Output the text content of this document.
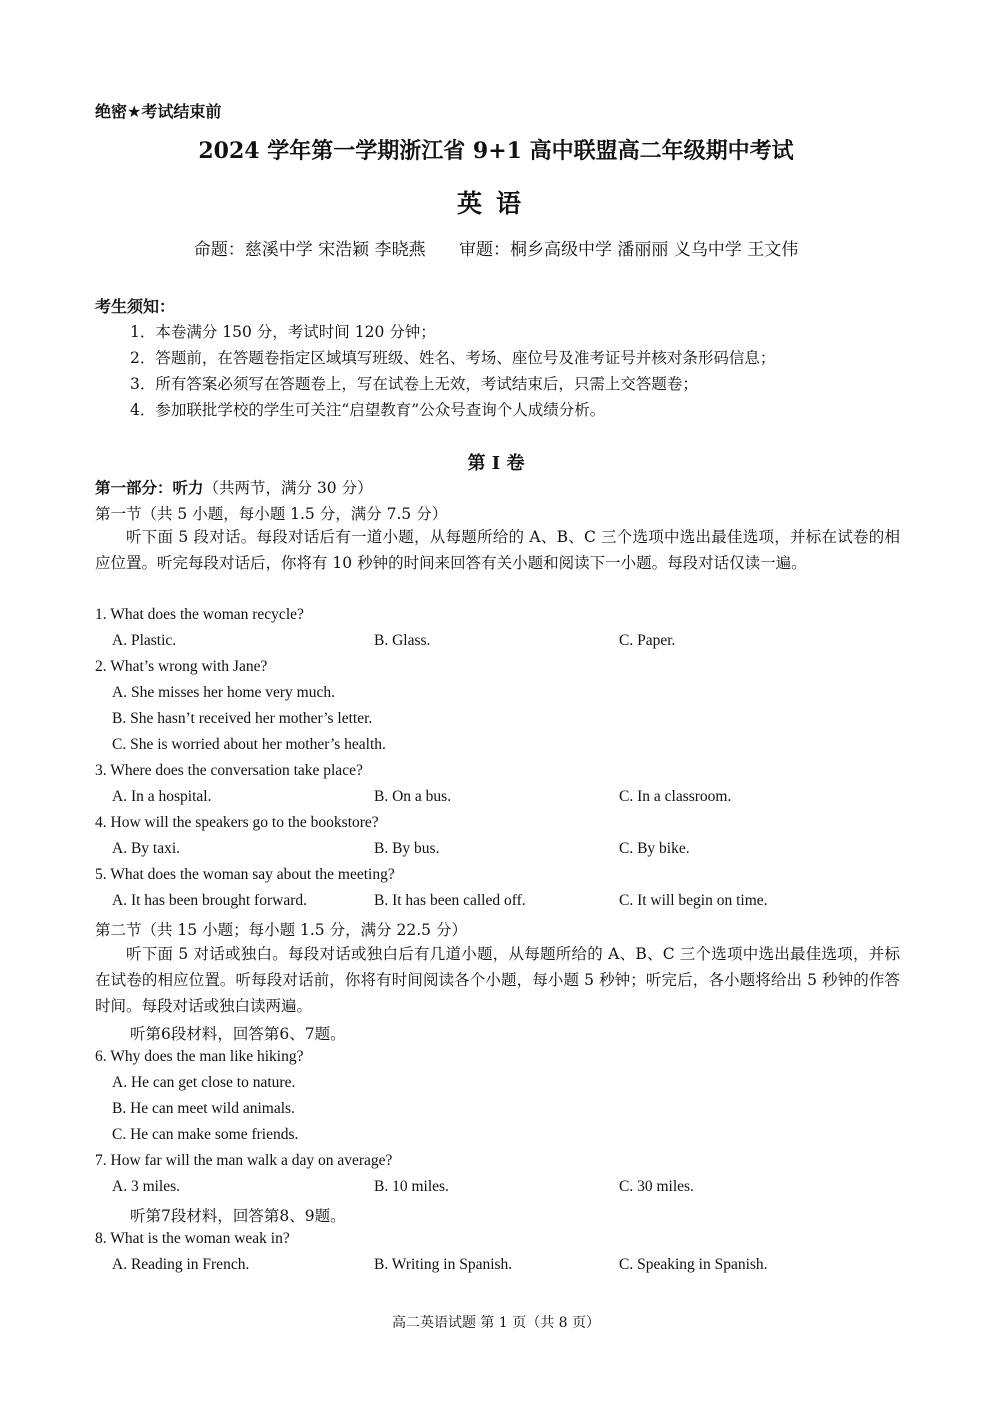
绝密★考试结束前
2024 学年第一学期浙江省 9+1 高中联盟高二年级期中考试
英语
命题：慈溪中学 宋浩颖 李晓燕 审题：桐乡高级中学 潘丽丽 义乌中学 王文伟
考生须知：
1．本卷满分 150 分，考试时间 120 分钟；
2．答题前，在答题卷指定区域填写班级、姓名、考场、座位号及准考证号并核对条形码信息；
3．所有答案必须写在答题卷上，写在试卷上无效，考试结束后，只需上交答题卷；
4．参加联批学校的学生可关注“启望教育”公众号查询个人成绩分析。
第 I 卷
第一部分：听力（共两节，满分 30 分）
第一节（共 5 小题，每小题 1.5 分，满分 7.5 分）
听下面 5 段对话。每段对话后有一道小题，从每题所给的 A、B、C 三个选项中选出最佳选项，并标在试卷的相应位置。听完每段对话后，你将有 10 秒钟的时间来回答有关小题和阅读下一小题。每段对话仅读一遍。
1. What does the woman recycle?
A. Plastic.	B. Glass.	C. Paper.
2. What’s wrong with Jane?
A. She misses her home very much.
B. She hasn’t received her mother’s letter.
C. She is worried about her mother’s health.
3. Where does the conversation take place?
A. In a hospital.	B. On a bus.	C. In a classroom.
4. How will the speakers go to the bookstore?
A. By taxi.	B. By bus.	C. By bike.
5. What does the woman say about the meeting?
A. It has been brought forward.	B. It has been called off.	C. It will begin on time.
第二节（共 15 小题；每小题 1.5 分，满分 22.5 分）
听下面 5 对话或独白。每段对话或独白后有几道小题，从每题所给的 A、B、C 三个选项中选出最佳选项，并标在试卷的相应位置。听每段对话前，你将有时间阅读各个小题，每小题 5 秒钟；听完后，各小题将给出 5 秒钟的作答时间。每段对话或独白读两遍。
听第6段材料，回答第6、7题。
6. Why does the man like hiking?
A. He can get close to nature.
B. He can meet wild animals.
C. He can make some friends.
7. How far will the man walk a day on average?
A. 3 miles.	B. 10 miles.	C. 30 miles.
听第7段材料，回答第8、9题。
8. What is the woman weak in?
A. Reading in French.	B. Writing in Spanish.	C. Speaking in Spanish.
高二英语试题 第 1 页（共 8 页）
